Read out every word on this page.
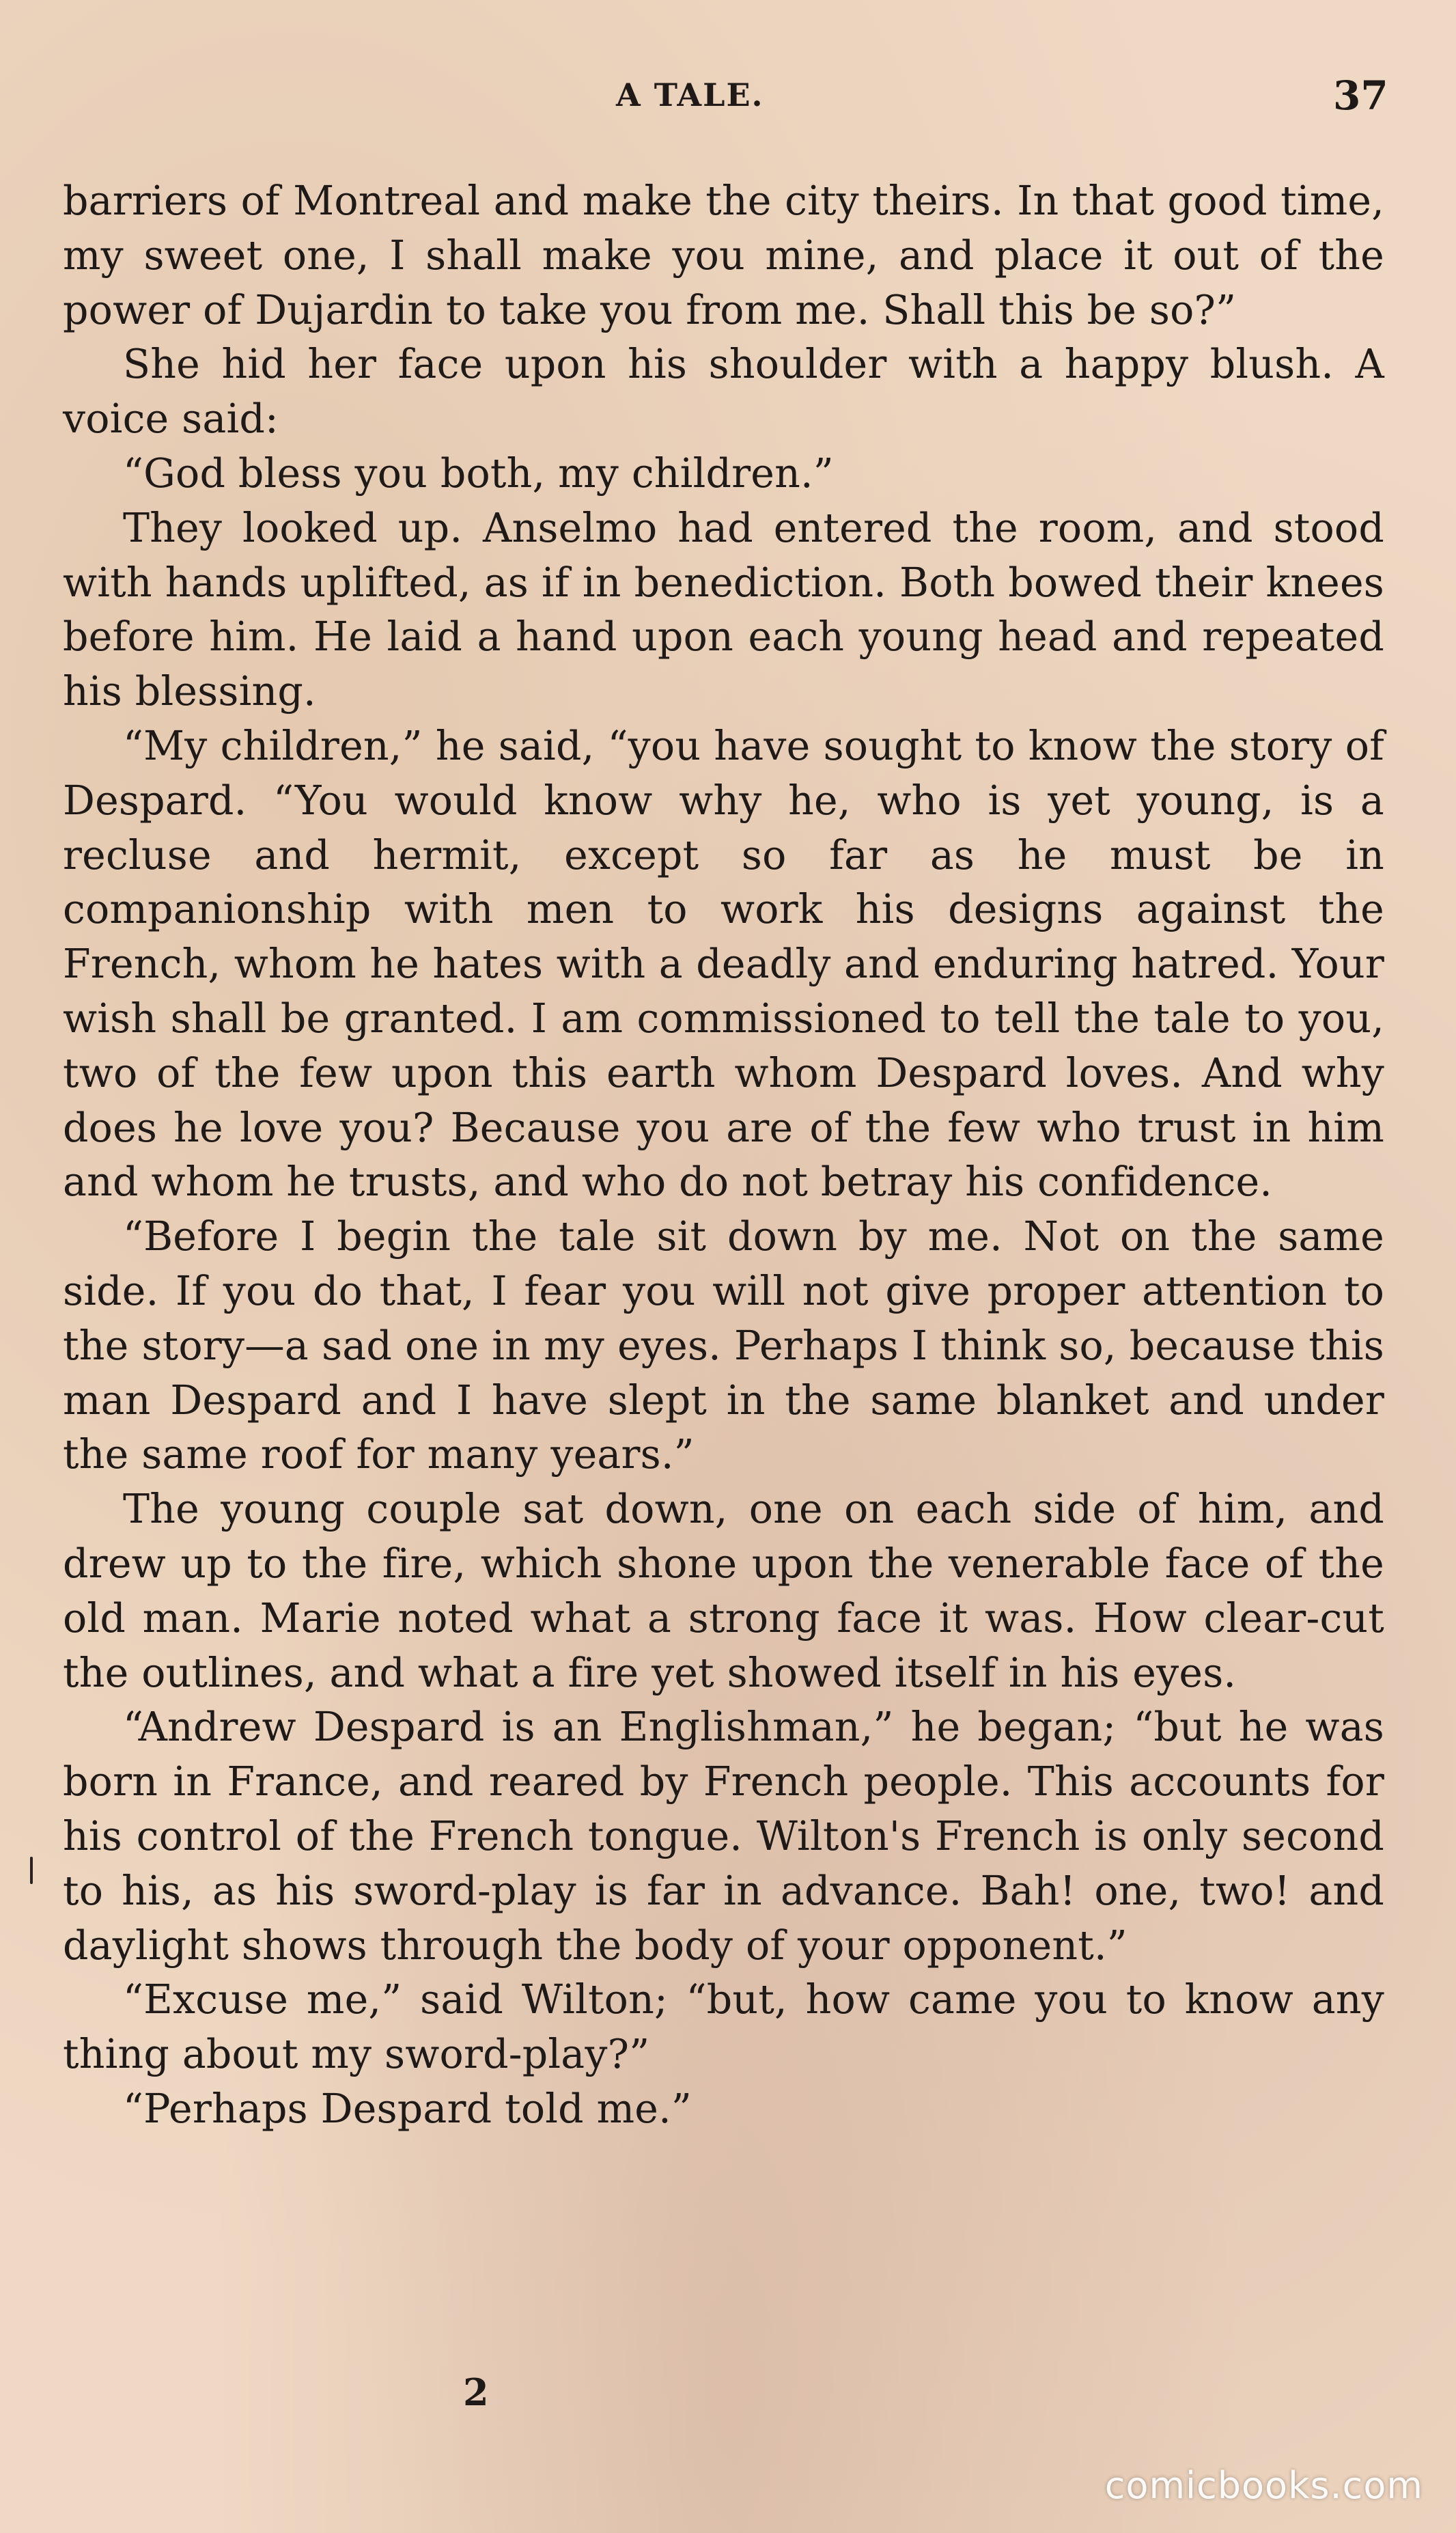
A TALE.	37

barriers of Montreal and make the city theirs. In that good time, my sweet one, I shall make you mine, and place it out of the power of Dujardin to take you from me. Shall this be so?”

She hid her face upon his shoulder with a happy blush. A voice said:

“God bless you both, my children.”

They looked up. Anselmo had entered the room, and stood with hands uplifted, as if in benediction. Both bowed their knees before him. He laid a hand upon each young head and repeated his blessing.

“My children,” he said, “you have sought to know the story of Despard. “You would know why he, who is yet young, is a recluse and hermit, except so far as he must be in companionship with men to work his designs against the French, whom he hates with a deadly and enduring hatred. Your wish shall be granted. I am commissioned to tell the tale to you, two of the few upon this earth whom Despard loves. And why does he love you? Because you are of the few who trust in him and whom he trusts, and who do not betray his confidence.

“Before I begin the tale sit down by me. Not on the same side. If you do that, I fear you will not give proper attention to the story—a sad one in my eyes. Perhaps I think so, because this man Despard and I have slept in the same blanket and under the same roof for many years.”

The young couple sat down, one on each side of him, and drew up to the fire, which shone upon the venerable face of the old man. Marie noted what a strong face it was. How clear-cut the outlines, and what a fire yet showed itself in his eyes.

“Andrew Despard is an Englishman,” he began; “but he was born in France, and reared by French people. This accounts for his control of the French tongue. Wilton's French is only second to his, as his sword-play is far in advance. Bah! one, two! and daylight shows through the body of your opponent.”

“Excuse me,” said Wilton; “but, how came you to know any thing about my sword-play?”

“Perhaps Despard told me.”

2
comicbooks.com
